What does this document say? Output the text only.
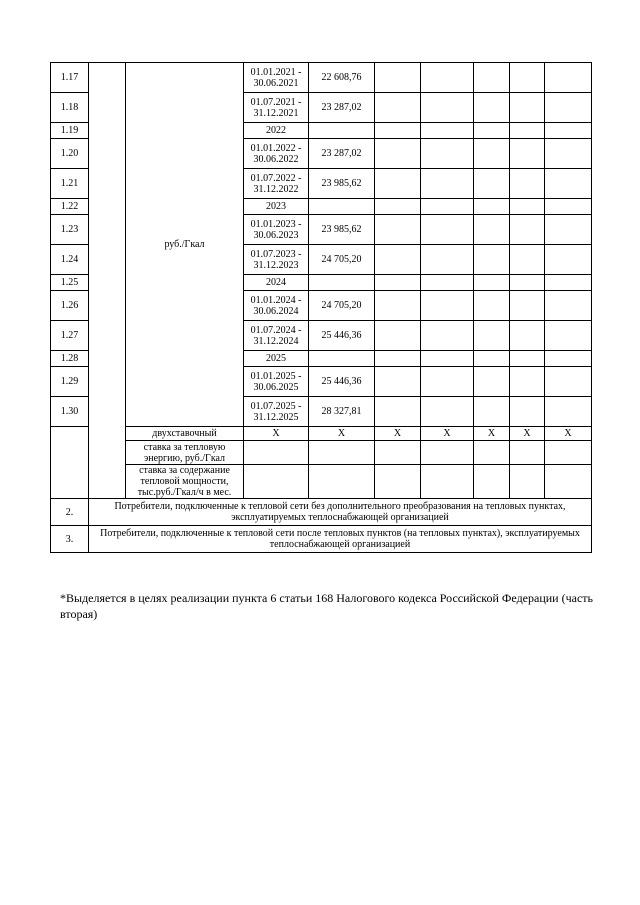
1.17		руб./Гкал	01.01.2021 - 30.06.2021	22 608,76					
1.18			01.07.2021 - 31.12.2021	23 287,02					
1.19			2022						
1.20			01.01.2022 - 30.06.2022	23 287,02					
1.21			01.07.2022 - 31.12.2022	23 985,62					
1.22			2023						
1.23			01.01.2023 - 30.06.2023	23 985,62					
1.24			01.07.2023 - 31.12.2023	24 705,20					
1.25			2024						
1.26			01.01.2024 - 30.06.2024	24 705,20					
1.27			01.07.2024 - 31.12.2024	25 446,36					
1.28			2025						
1.29			01.01.2025 - 30.06.2025	25 446,36					
1.30			01.07.2025 - 31.12.2025	28 327,81					
		двухставочный	X	X	X	X	X	X	X
		ставка за тепловую энергию, руб./Гкал							
		ставка за содержание тепловой мощности, тыс.руб./Гкал/ч в мес.							
2.	Потребители, подключенные к тепловой сети без дополнительного преобразования на тепловых пунктах, эксплуатируемых теплоснабжающей организацией								
3.	Потребители, подключенные к тепловой сети после тепловых пунктов (на тепловых пунктах), эксплуатируемых теплоснабжающей организацией								
*Выделяется в целях реализации пункта 6 статьи 168 Налогового кодекса Российской Федерации (часть вторая)
